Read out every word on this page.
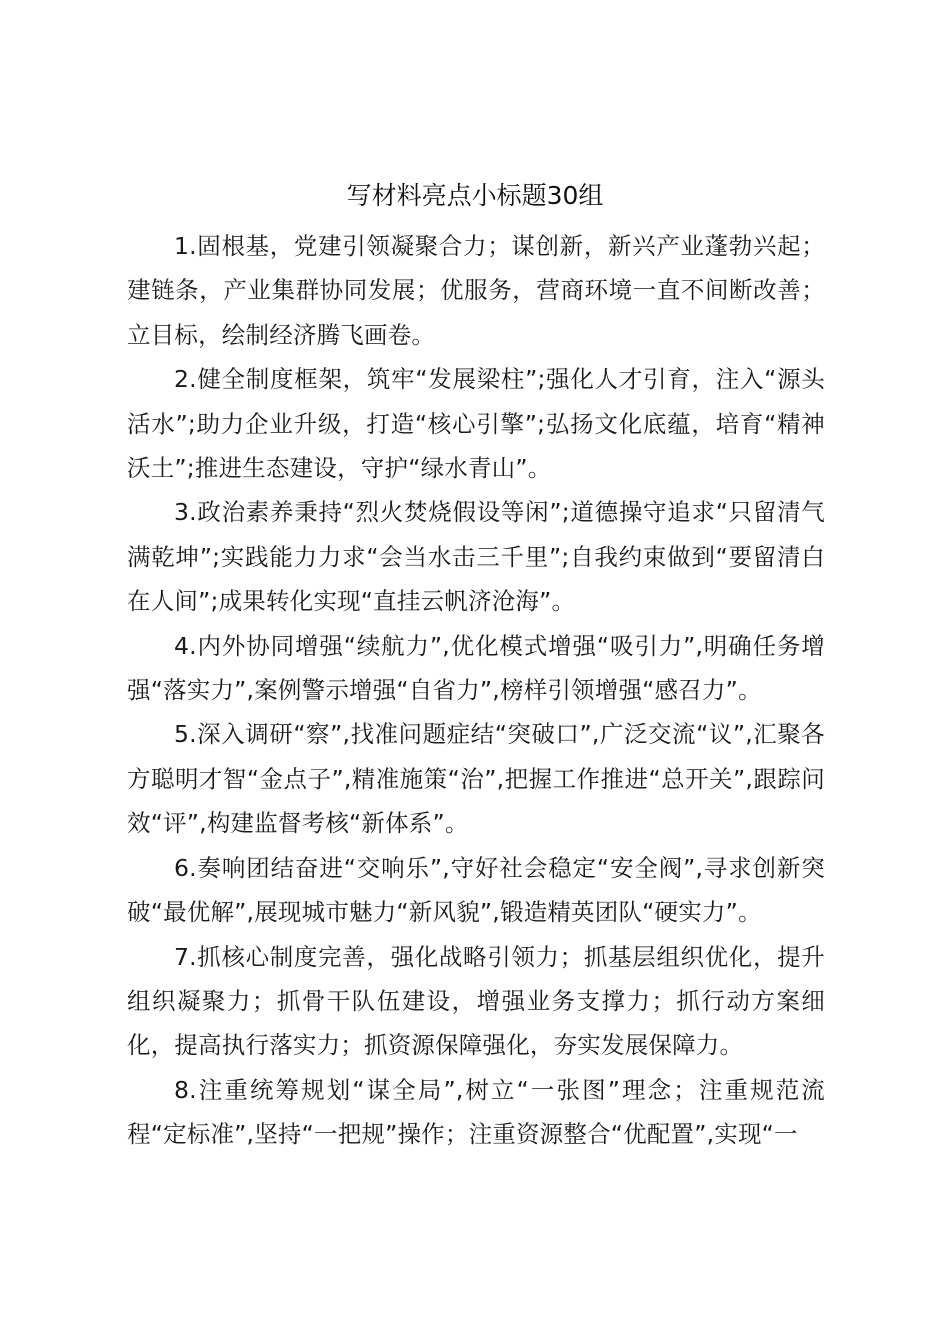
写材料亮点小标题30组

1.固根基，党建引领凝聚合力；谋创新，新兴产业蓬勃兴起；建链条，产业集群协同发展；优服务，营商环境一直不间断改善；立目标，绘制经济腾飞画卷。

2.健全制度框架，筑牢“发展梁柱”;强化人才引育，注入“源头活水”;助力企业升级，打造“核心引擎”;弘扬文化底蕴，培育“精神沃土”;推进生态建设，守护“绿水青山”。

3.政治素养秉持“烈火焚烧假设等闲”;道德操守追求“只留清气满乾坤”;实践能力力求“会当水击三千里”;自我约束做到“要留清白在人间”;成果转化实现“直挂云帆济沧海”。

4.内外协同增强“续航力”,优化模式增强“吸引力”,明确任务增强“落实力”,案例警示增强“自省力”,榜样引领增强“感召力”。

5.深入调研“察”,找准问题症结“突破口”,广泛交流“议”,汇聚各方聪明才智“金点子”,精准施策“治”,把握工作推进“总开关”,跟踪问效“评”,构建监督考核“新体系”。

6.奏响团结奋进“交响乐”,守好社会稳定“安全阀”,寻求创新突破“最优解”,展现城市魅力“新风貌”,锻造精英团队“硬实力”。

7.抓核心制度完善，强化战略引领力；抓基层组织优化，提升组织凝聚力；抓骨干队伍建设，增强业务支撑力；抓行动方案细化，提高执行落实力；抓资源保障强化，夯实发展保障力。

8.注重统筹规划“谋全局”,树立“一张图”理念；注重规范流程“定标准”,坚持“一把规”操作；注重资源整合“优配置”,实现“一
